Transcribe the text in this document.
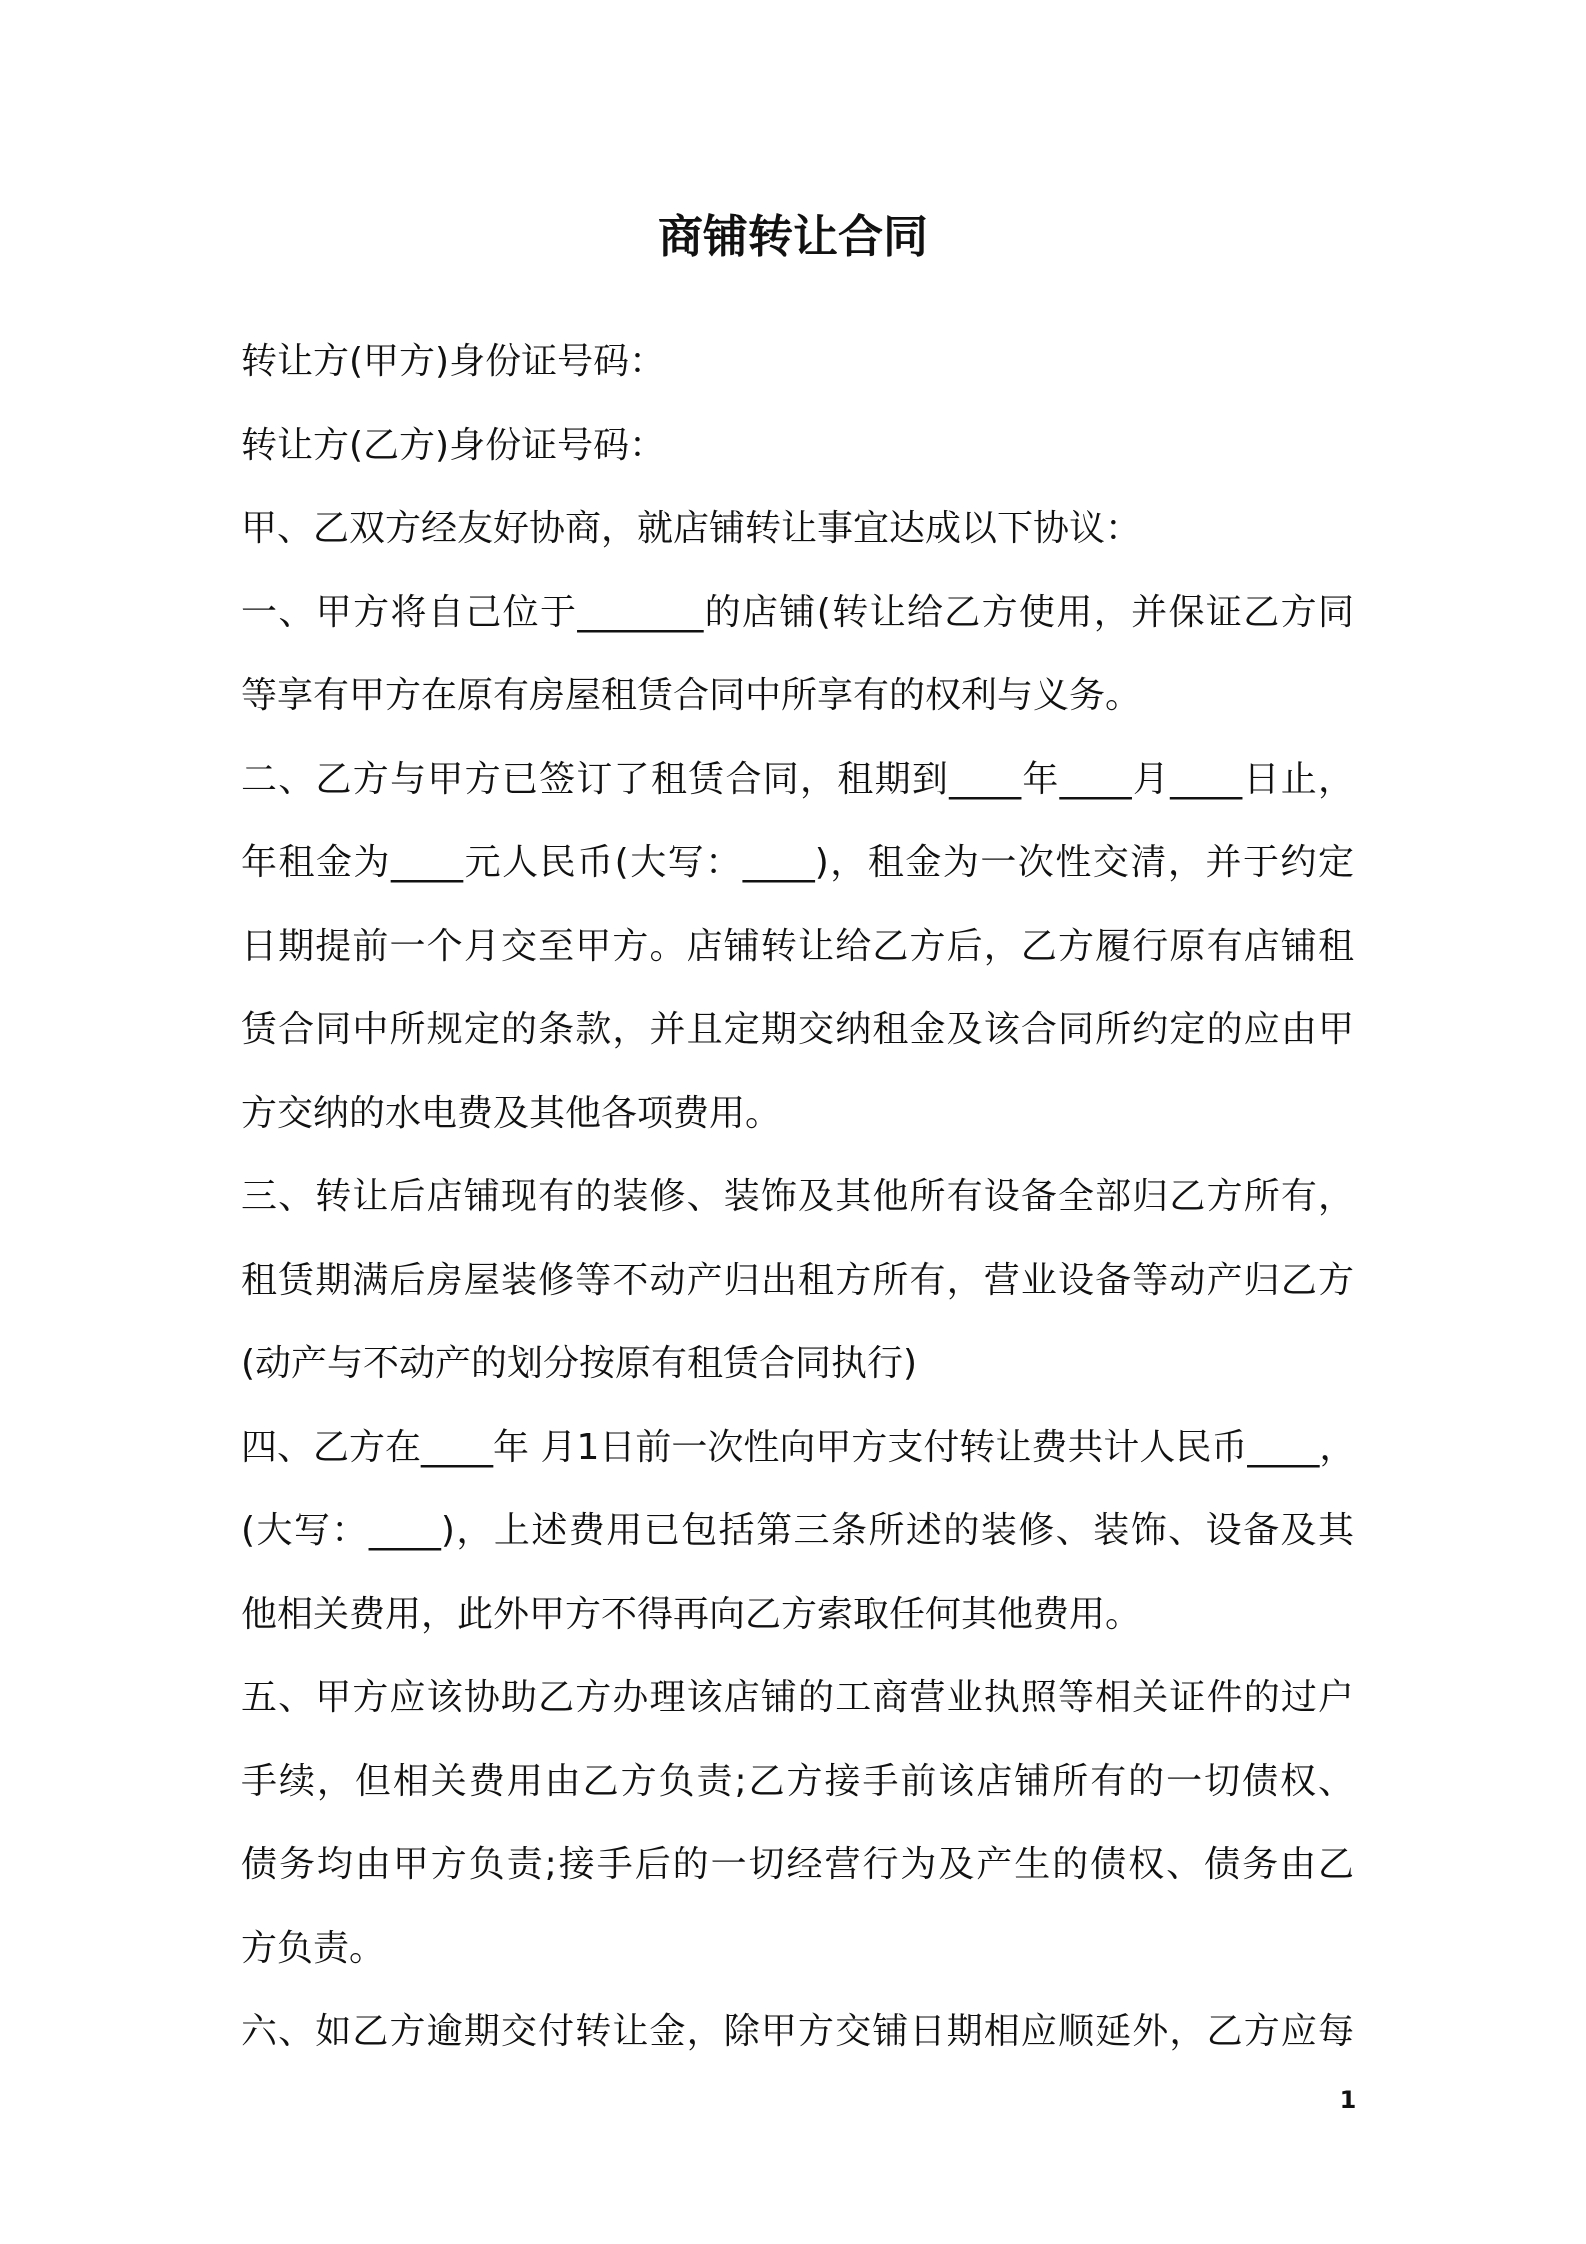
商铺转让合同
转让方(甲方)身份证号码：
转让方(乙方)身份证号码：
甲、乙双方经友好协商，就店铺转让事宜达成以下协议：
一、甲方将自己位于_______的店铺(转让给乙方使用，并保证乙方同
等享有甲方在原有房屋租赁合同中所享有的权利与义务。
二、乙方与甲方已签订了租赁合同，租期到____年____月____日止，
年租金为____元人民币(大写：____)，租金为一次性交清，并于约定
日期提前一个月交至甲方。店铺转让给乙方后，乙方履行原有店铺租
赁合同中所规定的条款，并且定期交纳租金及该合同所约定的应由甲
方交纳的水电费及其他各项费用。
三、转让后店铺现有的装修、装饰及其他所有设备全部归乙方所有，
租赁期满后房屋装修等不动产归出租方所有，营业设备等动产归乙方
(动产与不动产的划分按原有租赁合同执行)
四、乙方在____年 月1日前一次性向甲方支付转让费共计人民币____，
(大写：____)，上述费用已包括第三条所述的装修、装饰、设备及其
他相关费用，此外甲方不得再向乙方索取任何其他费用。
五、甲方应该协助乙方办理该店铺的工商营业执照等相关证件的过户
手续，但相关费用由乙方负责;乙方接手前该店铺所有的一切债权、
债务均由甲方负责;接手后的一切经营行为及产生的债权、债务由乙
方负责。
六、如乙方逾期交付转让金，除甲方交铺日期相应顺延外，乙方应每
1
